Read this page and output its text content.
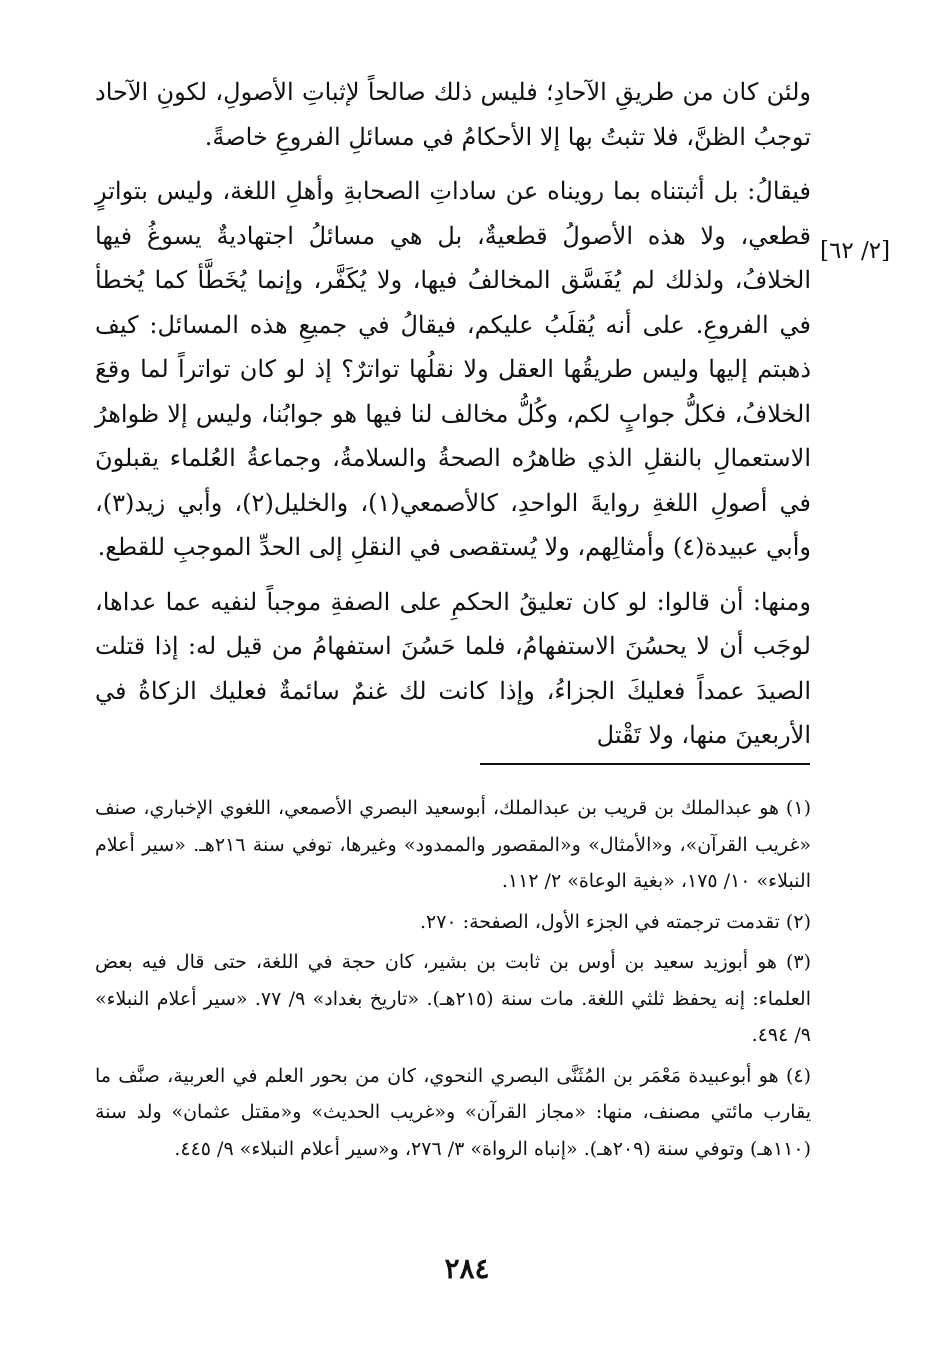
ولئن كان من طريقِ الآحادِ؛ فليس ذلك صالحاً لإثباتِ الأصولِ، لكونِ الآحاد توجبُ الظنَّ، فلا تثبتُ بها إلا الأحكامُ في مسائلِ الفروعِ خاصةً.

فيقالُ: بل أثبتناه بما رويناه عن ساداتِ الصحابةِ وأهلِ اللغة، وليس بتواترٍ قطعي، ولا هذه الأصولُ قطعيةٌ، بل هي مسائلُ اجتهاديةٌ يسوغُ فيها الخلافُ، ولذلك لم يُفَسَّق المخالفُ فيها، ولا يُكَفَّر، وإنما يُخَطَّأ كما يُخطأ في الفروعِ. على أنه يُقلَبُ عليكم، فيقالُ في جميعِ هذه المسائل: كيف ذهبتم إليها وليس طريقُها العقل ولا نقلُها تواترٌ؟ إذ لو كان تواتراً لما وقعَ الخلافُ، فكلُّ جوابٍ لكم، وكُلُّ مخالف لنا فيها هو جوابُنا، وليس إلا ظواهرُ الاستعمالِ بالنقلِ الذي ظاهرُه الصحةُ والسلامةُ، وجماعةُ العُلماء يقبلونَ في أصولِ اللغةِ روايةَ الواحدِ، كالأصمعي(١)، والخليل(٢)، وأبي زيد(٣)، وأبي عبيدة(٤) وأمثالِهم، ولا يُستقصى في النقلِ إلى الحدِّ الموجبِ للقطع.

ومنها: أن قالوا: لو كان تعليقُ الحكمِ على الصفةِ موجباً لنفيه عما عداها، لوجَب أن لا يحسُنَ الاستفهامُ، فلما حَسُنَ استفهامُ من قيل له: إذا قتلت الصيدَ عمداً فعليكَ الجزاءُ، وإذا كانت لك غنمٌ سائمةٌ فعليك الزكاةُ في الأربعينَ منها، ولا تَقْتل

[٢/ ٦٢]

(١) هو عبدالملك بن قريب بن عبدالملك، أبوسعيد البصري الأصمعي، اللغوي الإخباري، صنف «غريب القرآن»، و«الأمثال» و«المقصور والممدود» وغيرها، توفي سنة ٢١٦هـ. «سير أعلام النبلاء» ١٠/ ١٧٥، «بغية الوعاة» ٢/ ١١٢.

(٢) تقدمت ترجمته في الجزء الأول، الصفحة: ٢٧٠.

(٣) هو أبوزيد سعيد بن أوس بن ثابت بن بشير، كان حجة في اللغة، حتى قال فيه بعض العلماء: إنه يحفظ ثلثي اللغة. مات سنة (٢١٥هـ). «تاريخ بغداد» ٩/ ٧٧. «سير أعلام النبلاء» ٩/ ٤٩٤.

(٤) هو أبوعبيدة مَعْمَر بن المُثَنَّى البصري النحوي، كان من بحور العلم في العربية، صنَّف ما يقارب مائتي مصنف، منها: «مجاز القرآن» و«غريب الحديث» و«مقتل عثمان» ولد سنة (١١٠هـ) وتوفي سنة (٢٠٩هـ). «إنباه الرواة» ٣/ ٢٧٦، و«سير أعلام النبلاء» ٩/ ٤٤٥.

٢٨٤
